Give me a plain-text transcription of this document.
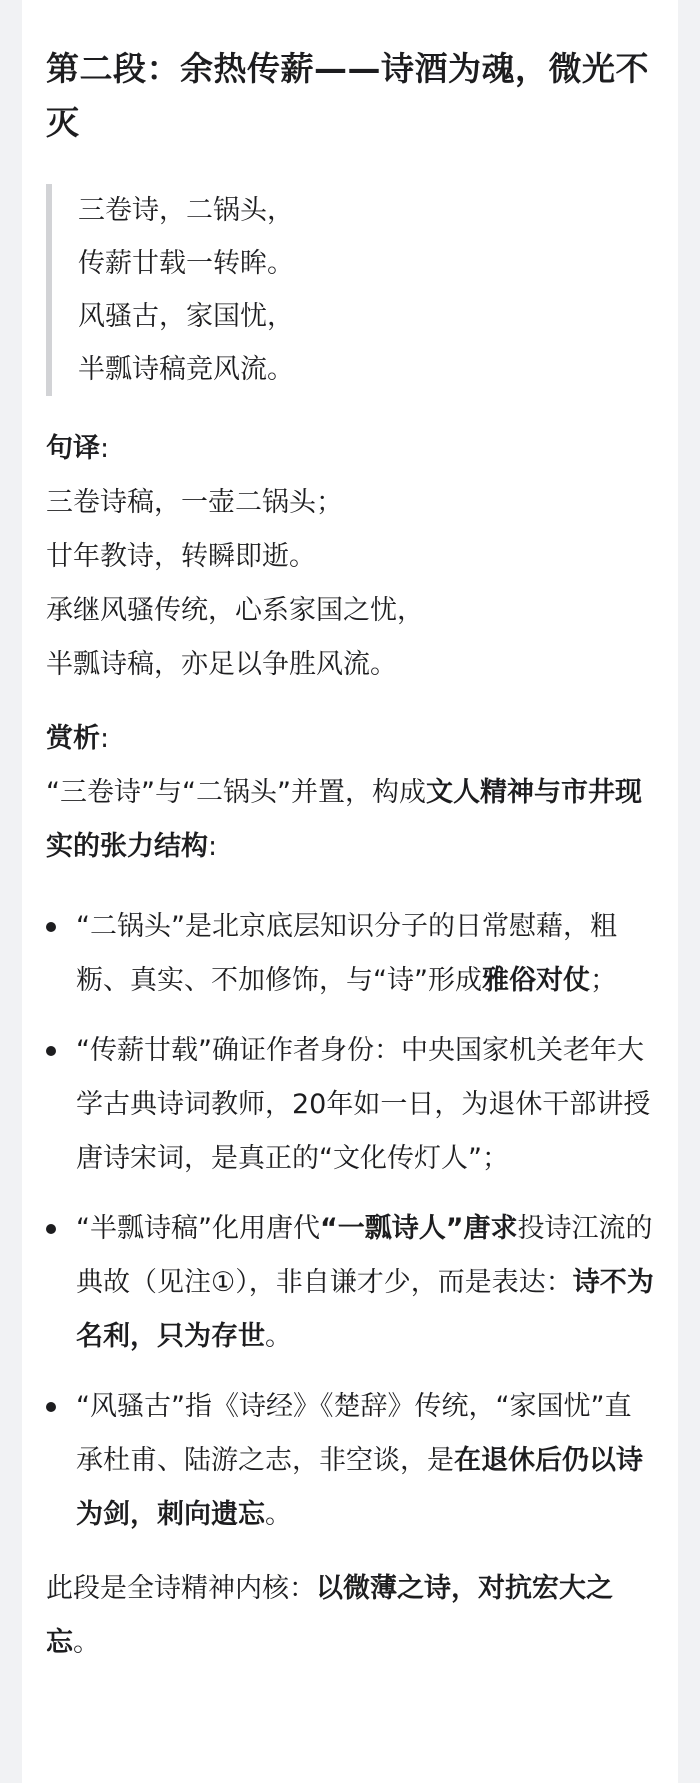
第二段：余热传薪——诗酒为魂，微光不灭
三卷诗，二锅头，
传薪廿载一转眸。
风骚古，家国忧，
半瓢诗稿竞风流。
句译:
三卷诗稿，一壶二锅头；
廿年教诗，转瞬即逝。
承继风骚传统，心系家国之忧，
半瓢诗稿，亦足以争胜风流。
赏析:
“三卷诗”与“二锅头”并置，构成文人精神与市井现实的张力结构:
“二锅头”是北京底层知识分子的日常慰藉，粗粝、真实、不加修饰，与“诗”形成雅俗对仗；
“传薪廿载”确证作者身份：中央国家机关老年大学古典诗词教师，20年如一日，为退休干部讲授唐诗宋词，是真正的“文化传灯人”；
“半瓢诗稿”化用唐代“一瓢诗人”唐求投诗江流的典故（见注①），非自谦才少，而是表达：诗不为名利，只为存世。
“风骚古”指《诗经》《楚辞》传统，“家国忧”直承杜甫、陆游之志，非空谈，是在退休后仍以诗为剑，刺向遗忘。
此段是全诗精神内核：以微薄之诗，对抗宏大之忘。
